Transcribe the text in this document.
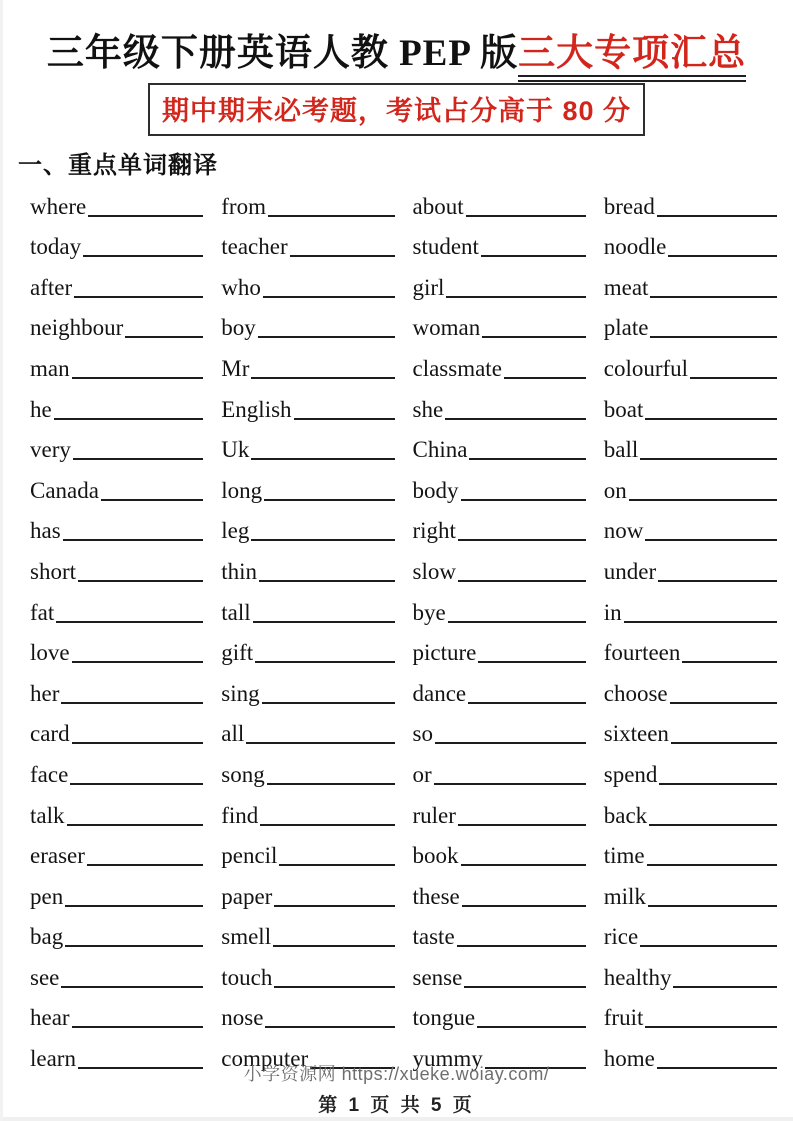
三年级下册英语人教 PEP 版三大专项汇总
期中期末必考题，考试占分高于 80 分
一、重点单词翻译
where	from	about	bread
today	teacher	student	noodle
after	who	girl	meat
neighbour	boy	woman	plate
man	Mr	classmate	colourful
he	English	she	boat
very	Uk	China	ball
Canada	long	body	on
has	leg	right	now
short	thin	slow	under
fat	tall	bye	in
love	gift	picture	fourteen
her	sing	dance	choose
card	all	so	sixteen
face	song	or	spend
talk	find	ruler	back
eraser	pencil	book	time
pen	paper	these	milk
bag	smell	taste	rice
see	touch	sense	healthy
hear	nose	tongue	fruit
learn	computer	yummy	home
小学资源网 https://xueke.woiay.com/
第 1 页 共 5 页
